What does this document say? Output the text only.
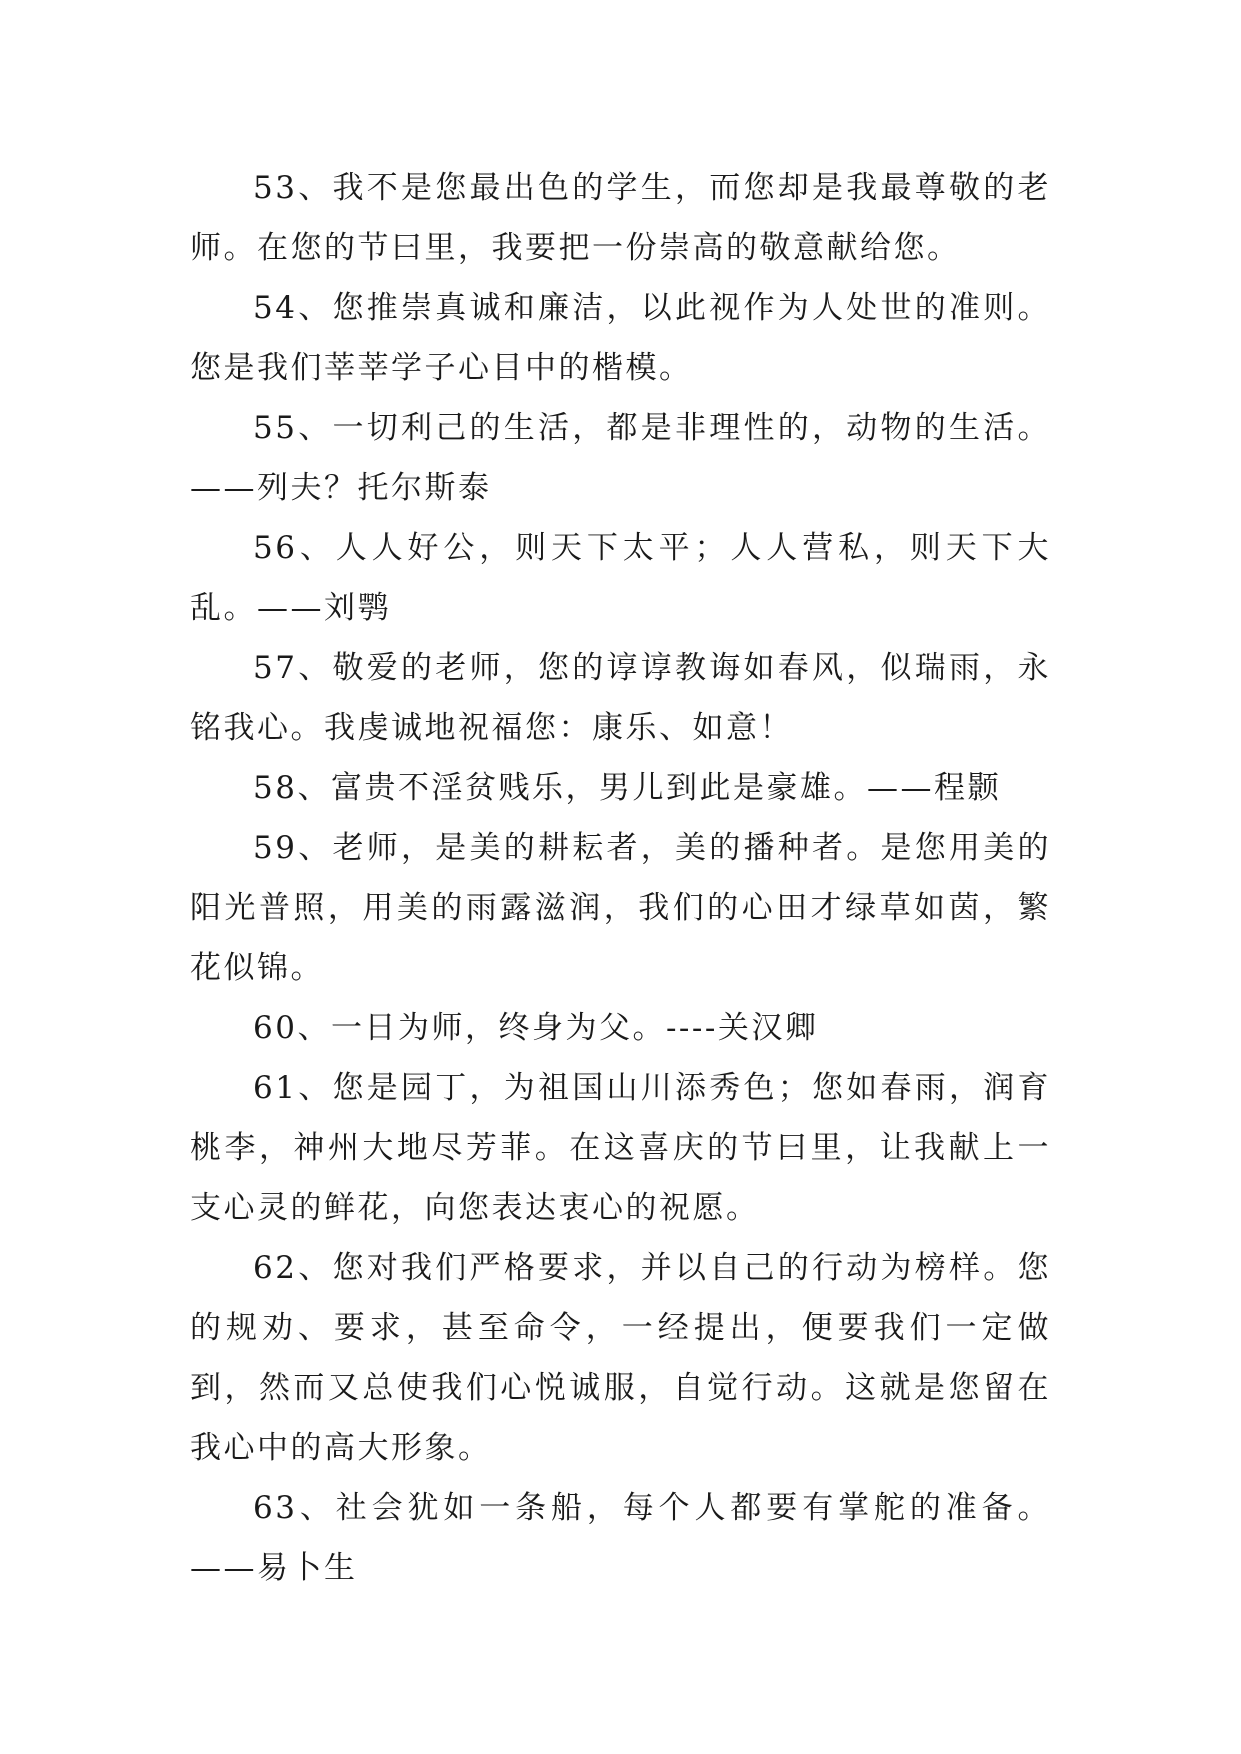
53、我不是您最出色的学生，而您却是我最尊敬的老师。在您的节曰里，我要把一份崇高的敬意献给您。

54、您推崇真诚和廉洁，以此视作为人处世的准则。您是我们莘莘学子心目中的楷模。

55、一切利己的生活，都是非理性的，动物的生活。——列夫？托尔斯泰

56、人人好公，则天下太平；人人营私，则天下大乱。——刘鹗

57、敬爱的老师，您的谆谆教诲如春风，似瑞雨，永铭我心。我虔诚地祝福您：康乐、如意！

58、富贵不淫贫贱乐，男儿到此是豪雄。——程颢

59、老师，是美的耕耘者，美的播种者。是您用美的阳光普照，用美的雨露滋润，我们的心田才绿草如茵，繁花似锦。

60、一日为师，终身为父。----关汉卿

61、您是园丁，为祖国山川添秀色；您如春雨，润育桃李，神州大地尽芳菲。在这喜庆的节曰里，让我献上一支心灵的鲜花，向您表达衷心的祝愿。

62、您对我们严格要求，并以自己的行动为榜样。您的规劝、要求，甚至命令，一经提出，便要我们一定做到，然而又总使我们心悦诚服，自觉行动。这就是您留在我心中的高大形象。

63、社会犹如一条船，每个人都要有掌舵的准备。——易卜生
